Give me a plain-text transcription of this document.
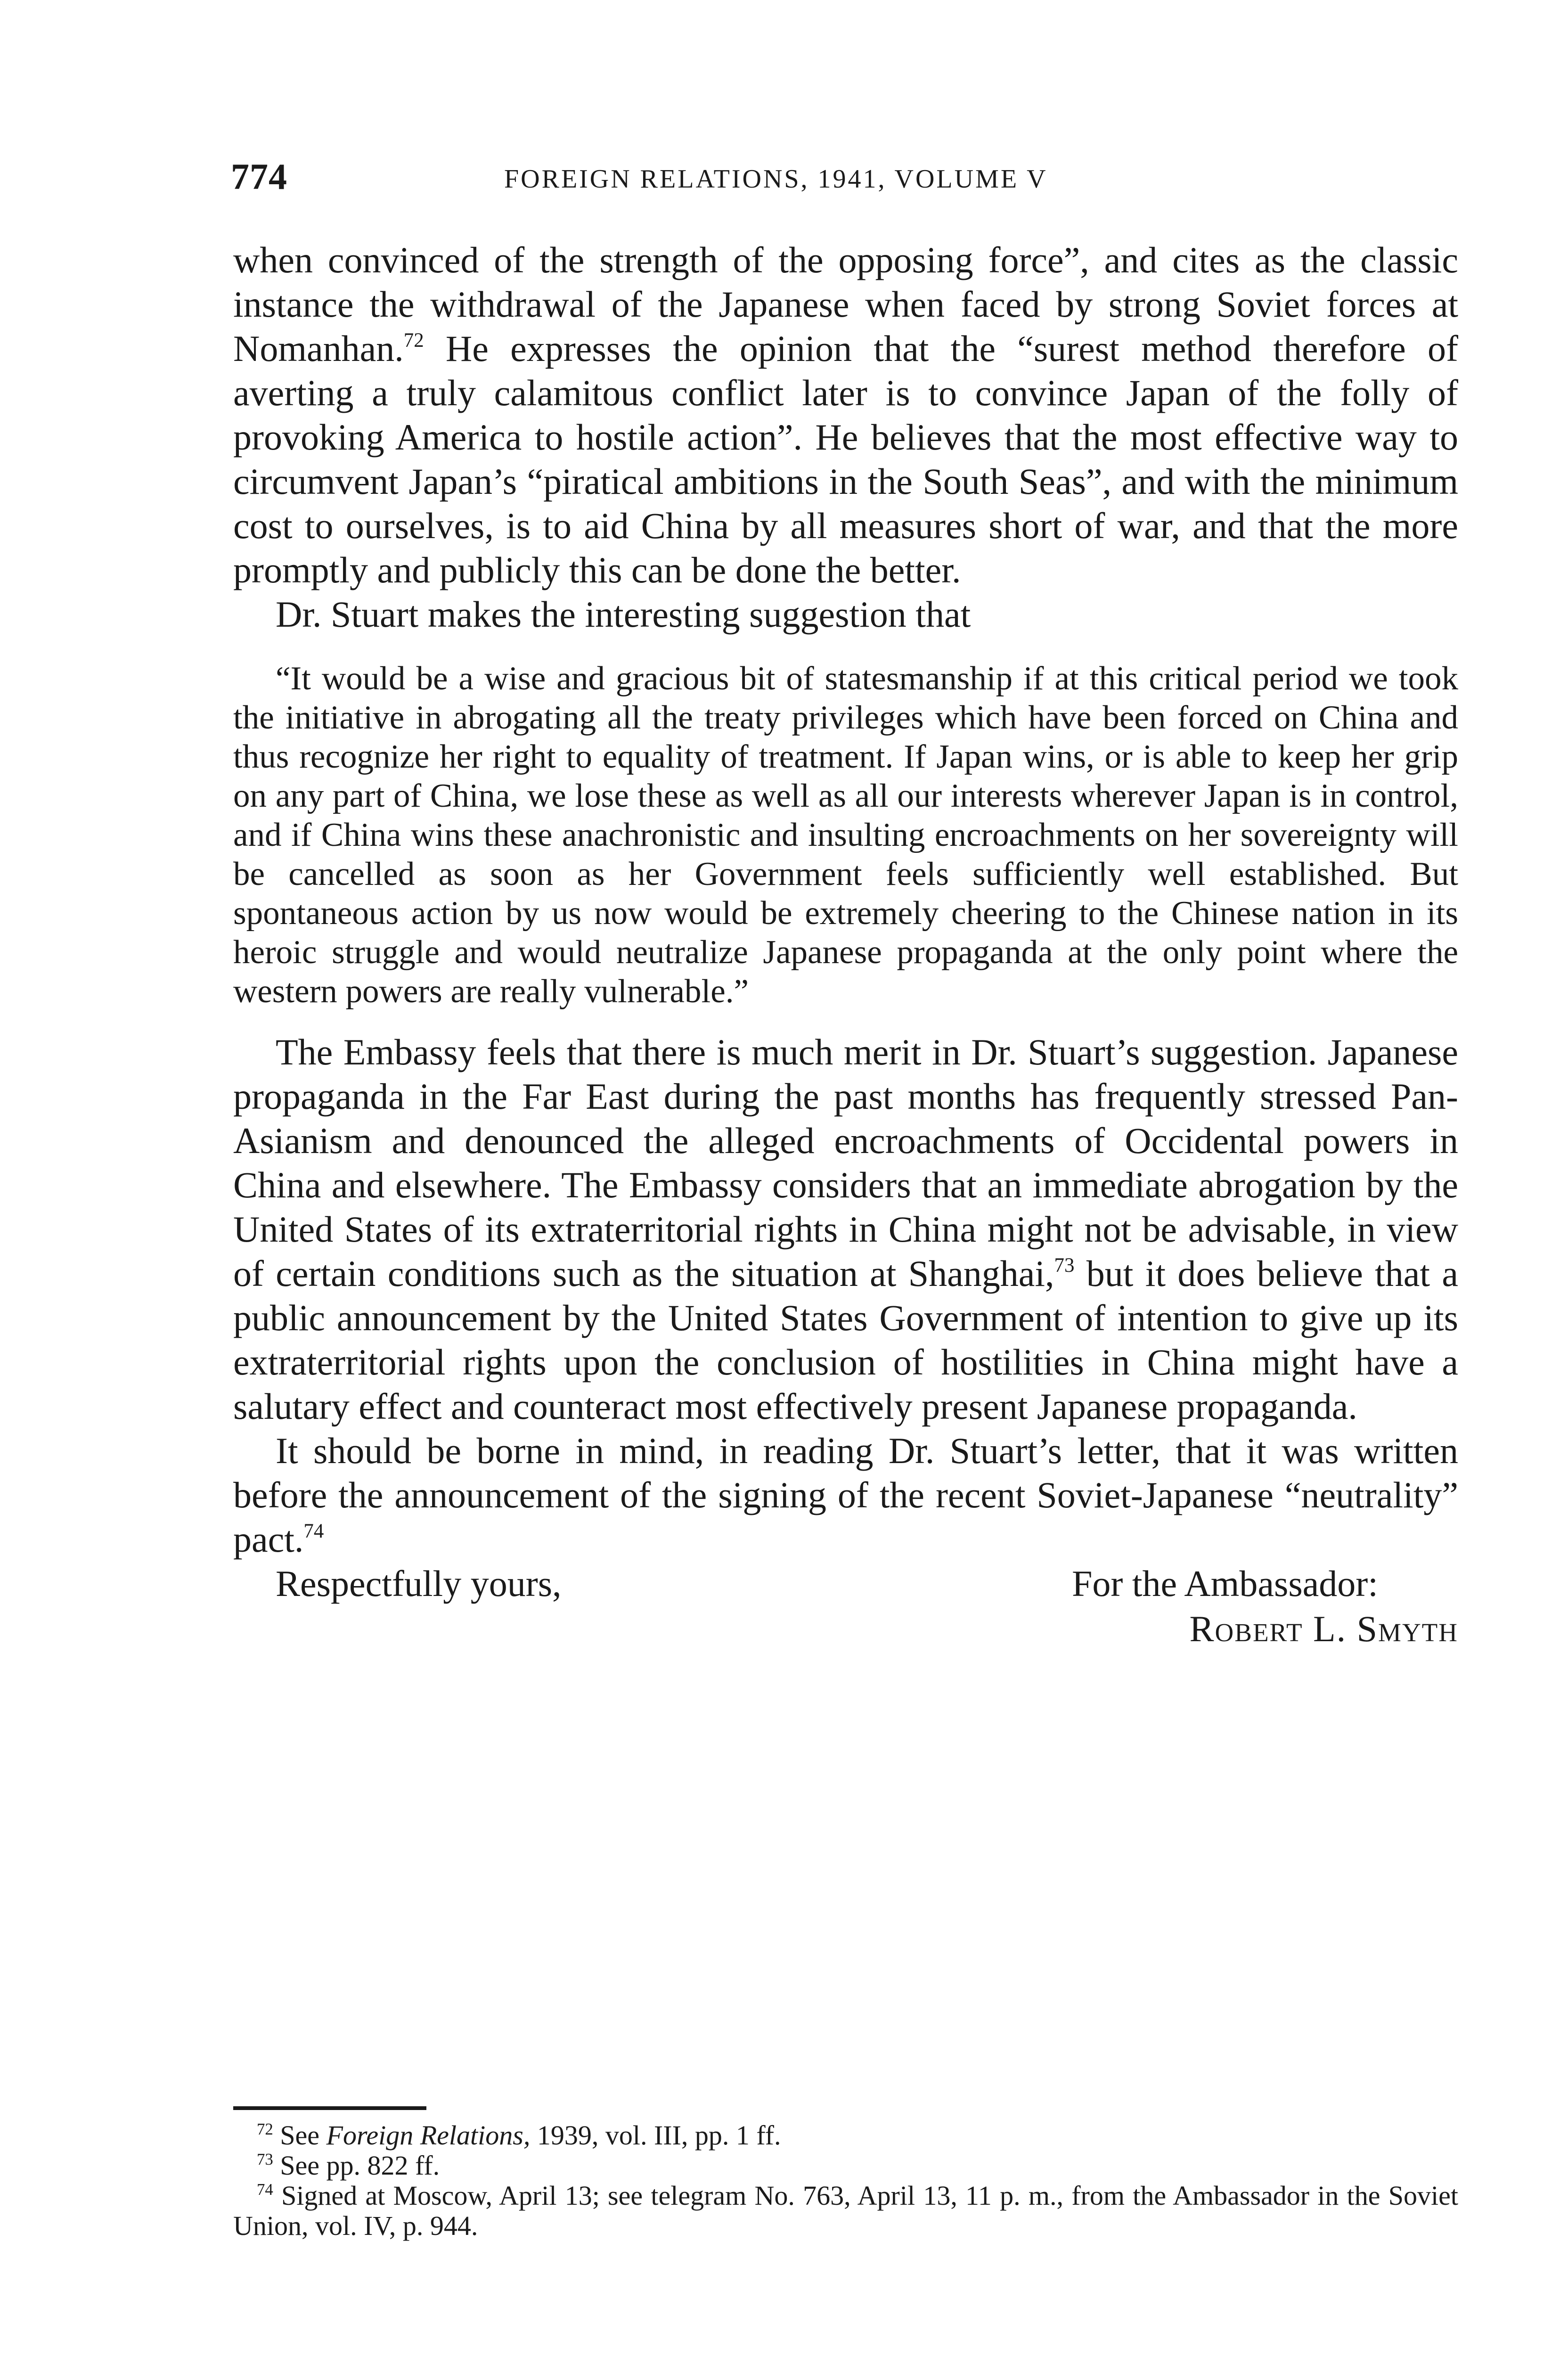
774	FOREIGN RELATIONS, 1941, VOLUME V

when convinced of the strength of the opposing force”, and cites as the classic instance the withdrawal of the Japanese when faced by strong Soviet forces at Nomanhan.$^{72}$ He expresses the opinion that the “surest method therefore of averting a truly calamitous conflict later is to convince Japan of the folly of provoking America to hostile action”. He believes that the most effective way to circumvent Japan’s “piratical ambitions in the South Seas”, and with the minimum cost to ourselves, is to aid China by all measures short of war, and that the more promptly and publicly this can be done the better.

Dr. Stuart makes the interesting suggestion that

“It would be a wise and gracious bit of statesmanship if at this critical period we took the initiative in abrogating all the treaty privileges which have been forced on China and thus recognize her right to equality of treatment. If Japan wins, or is able to keep her grip on any part of China, we lose these as well as all our interests wherever Japan is in control, and if China wins these anachronistic and insulting encroachments on her sovereignty will be cancelled as soon as her Government feels sufficiently well established. But spontaneous action by us now would be extremely cheering to the Chinese nation in its heroic struggle and would neutralize Japanese propaganda at the only point where the western powers are really vulnerable.”

The Embassy feels that there is much merit in Dr. Stuart’s suggestion. Japanese propaganda in the Far East during the past months has frequently stressed Pan-Asianism and denounced the alleged encroachments of Occidental powers in China and elsewhere. The Embassy considers that an immediate abrogation by the United States of its extraterritorial rights in China might not be advisable, in view of certain conditions such as the situation at Shanghai,$^{73}$ but it does believe that a public announcement by the United States Government of intention to give up its extraterritorial rights upon the conclusion of hostilities in China might have a salutary effect and counteract most effectively present Japanese propaganda.

It should be borne in mind, in reading Dr. Stuart’s letter, that it was written before the announcement of the signing of the recent Soviet-Japanese “neutrality” pact.$^{74}$

Respectfully yours,	For the Ambassador:
Robert L. Smyth

$^{72}$ See Foreign Relations, 1939, vol. III, pp. 1 ff.

$^{73}$ See pp. 822 ff.

$^{74}$ Signed at Moscow, April 13; see telegram No. 763, April 13, 11 p. m., from the Ambassador in the Soviet Union, vol. IV, p. 944.
